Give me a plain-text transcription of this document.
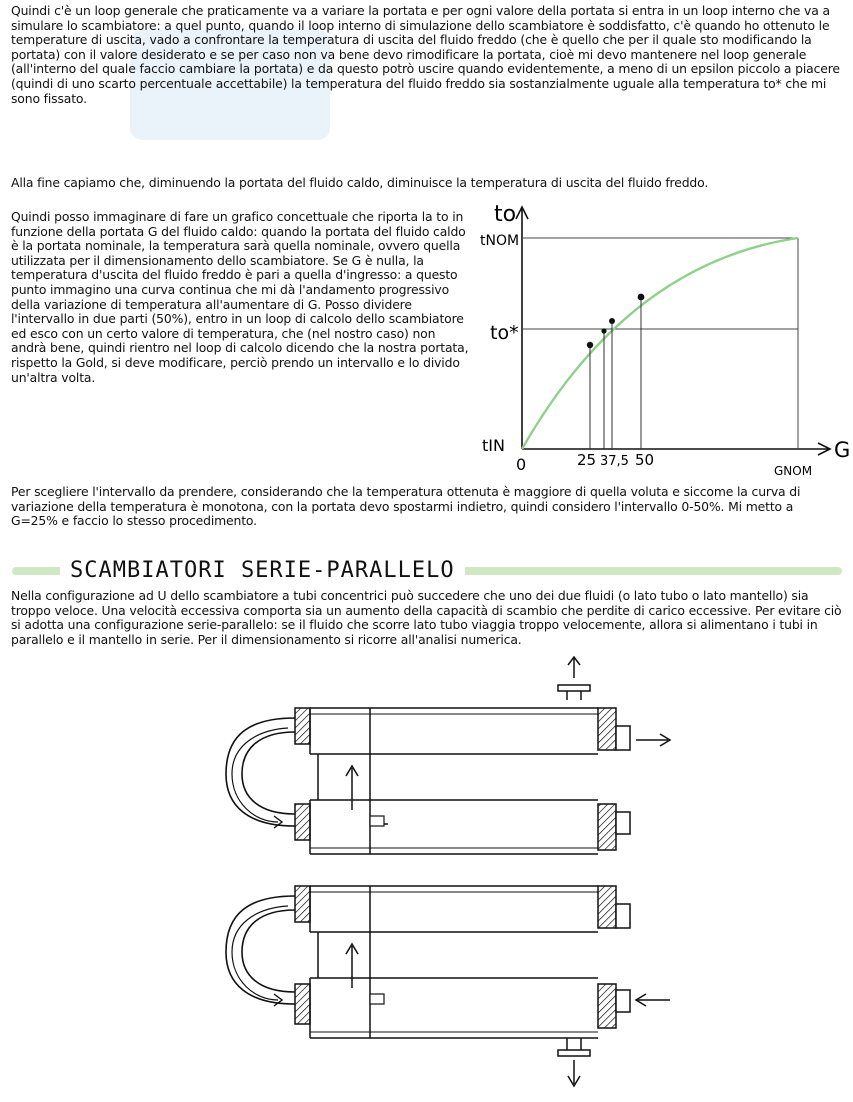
Quindi c'è un loop generale che praticamente va a variare la portata e per ogni valore della portata si entra in un loop interno che va a simulare lo scambiatore: a quel punto, quando il loop interno di simulazione dello scambiatore è soddisfatto, c'è quando ho ottenuto le temperature di uscita, vado a confrontare la temperatura di uscita del fluido freddo (che è quello che per il quale sto modificando la portata) con il valore desiderato e se per caso non va bene devo rimodificare la portata, cioè mi devo mantenere nel loop generale (all'interno del quale faccio cambiare la portata) e da questo potrò uscire quando evidentemente, a meno di un epsilon piccolo a piacere (quindi di uno scarto percentuale accettabile) la temperatura del fluido freddo sia sostanzialmente uguale alla temperatura to* che mi sono fissato.

Alla fine capiamo che, diminuendo la portata del fluido caldo, diminuisce la temperatura di uscita del fluido freddo.

Quindi posso immaginare di fare un grafico concettuale che riporta la to in funzione della portata G del fluido caldo: quando la portata del fluido caldo è la portata nominale, la temperatura sarà quella nominale, ovvero quella utilizzata per il dimensionamento dello scambiatore. Se G è nulla, la temperatura d'uscita del fluido freddo è pari a quella d'ingresso: a questo punto immagino una curva continua che mi dà l'andamento progressivo della variazione di temperatura all'aumentare di G. Posso dividere l'intervallo in due parti (50%), entro in un loop di calcolo dello scambiatore ed esco con un certo valore di temperatura, che (nel nostro caso) non andrà bene, quindi rientro nel loop di calcolo dicendo che la nostra portata, rispetto la Gold, si deve modificare, perciò prendo un intervallo e lo divido un'altra volta.

to
tNOM
to*
tIN	G
0	25 37,5 50
GNOM

Per scegliere l'intervallo da prendere, considerando che la temperatura ottenuta è maggiore di quella voluta e siccome la curva di variazione della temperatura è monotona, con la portata devo spostarmi indietro, quindi considero l'intervallo 0-50%. Mi metto a G=25% e faccio lo stesso procedimento.

SCAMBIATORI SERIE-PARALLELO

Nella configurazione ad U dello scambiatore a tubi concentrici può succedere che uno dei due fluidi (o lato tubo o lato mantello) sia troppo veloce. Una velocità eccessiva comporta sia un aumento della capacità di scambio che perdite di carico eccessive. Per evitare ciò si adotta una configurazione serie-parallelo: se il fluido che scorre lato tubo viaggia troppo velocemente, allora si alimentano i tubi in parallelo e il mantello in serie. Per il dimensionamento si ricorre all'analisi numerica.
